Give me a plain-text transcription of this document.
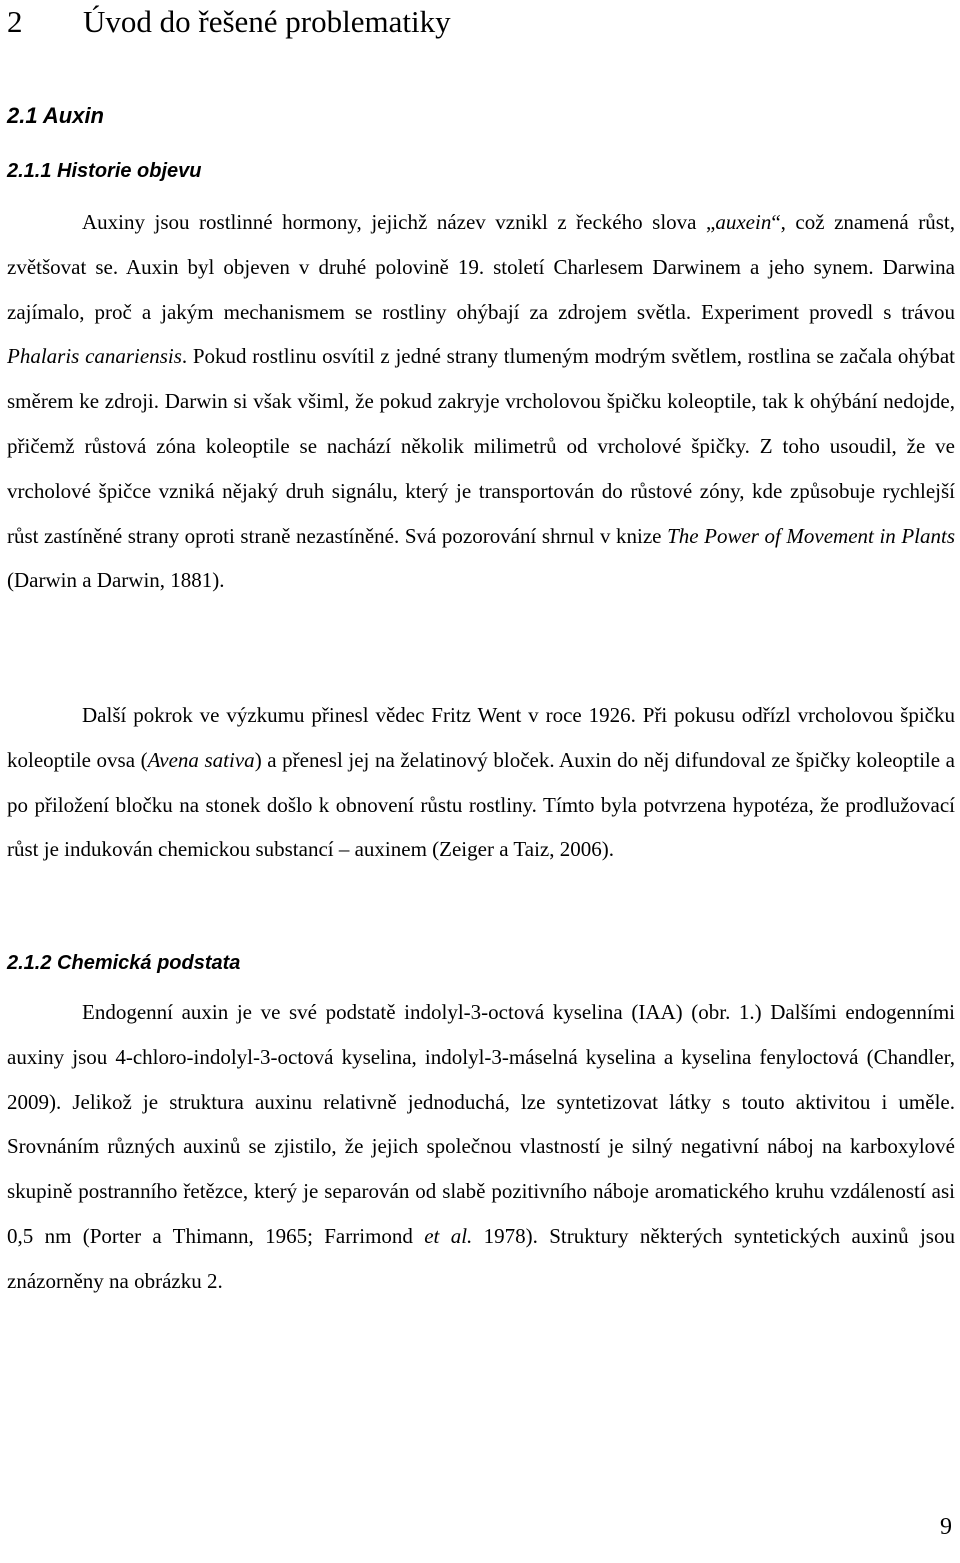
2 Úvod do řešené problematiky
2.1 Auxin
2.1.1 Historie objevu

Auxiny jsou rostlinné hormony, jejichž název vznikl z řeckého slova „auxein“, což znamená růst, zvětšovat se. Auxin byl objeven v druhé polovině 19. století Charlesem Darwinem a jeho synem. Darwina zajímalo, proč a jakým mechanismem se rostliny ohýbají za zdrojem světla. Experiment provedl s trávou Phalaris canariensis. Pokud rostlinu osvítil z jedné strany tlumeným modrým světlem, rostlina se začala ohýbat směrem ke zdroji. Darwin si však všiml, že pokud zakryje vrcholovou špičku koleoptile, tak k ohýbání nedojde, přičemž růstová zóna koleoptile se nachází několik milimetrů od vrcholové špičky. Z toho usoudil, že ve vrcholové špičce vzniká nějaký druh signálu, který je transportován do růstové zóny, kde způsobuje rychlejší růst zastíněné strany oproti straně nezastíněné. Svá pozorování shrnul v knize The Power of Movement in Plants (Darwin a Darwin, 1881).

Další pokrok ve výzkumu přinesl vědec Fritz Went v roce 1926. Při pokusu odřízl vrcholovou špičku koleoptile ovsa (Avena sativa) a přenesl jej na želatinový bloček. Auxin do něj difundoval ze špičky koleoptile a po přiložení bločku na stonek došlo k obnovení růstu rostliny. Tímto byla potvrzena hypotéza, že prodlužovací růst je indukován chemickou substancí – auxinem (Zeiger a Taiz, 2006).

2.1.2 Chemická podstata

Endogenní auxin je ve své podstatě indolyl-3-octová kyselina (IAA) (obr. 1.) Dalšími endogenními auxiny jsou 4-chloro-indolyl-3-octová kyselina, indolyl-3-máselná kyselina a kyselina fenyloctová (Chandler, 2009). Jelikož je struktura auxinu relativně jednoduchá, lze syntetizovat látky s touto aktivitou i uměle. Srovnáním různých auxinů se zjistilo, že jejich společnou vlastností je silný negativní náboj na karboxylové skupině postranního řetězce, který je separován od slabě pozitivního náboje aromatického kruhu vzdáleností asi 0,5 nm (Porter a Thimann, 1965; Farrimond et al. 1978). Struktury některých syntetických auxinů jsou znázorněny na obrázku 2.

9
